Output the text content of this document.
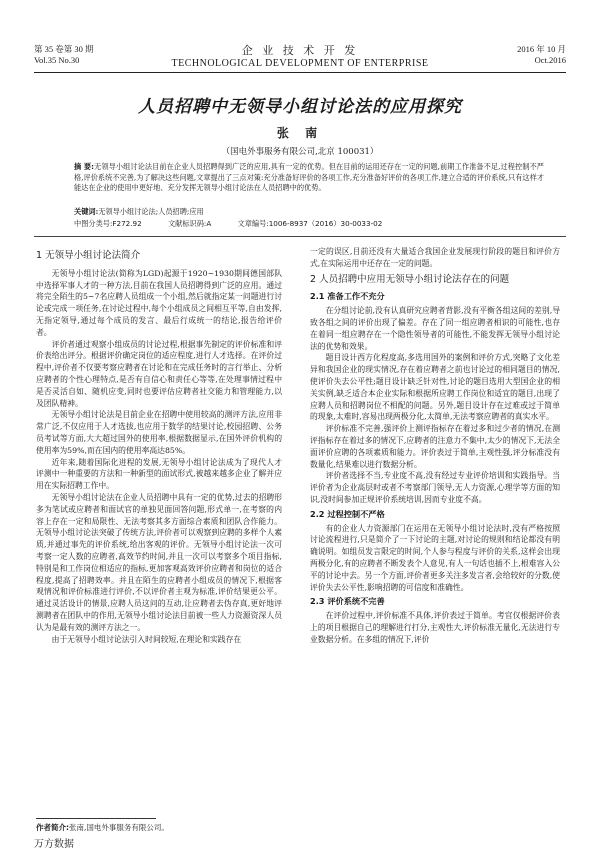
第 35 卷第 30 期
Vol.35 No.30
企 业 技 术 开 发
TECHNOLOGICAL DEVELOPMENT OF ENTERPRISE
2016 年 10 月
Oct.2016
人员招聘中无领导小组讨论法的应用探究
张 南
（国电外事服务有限公司,北京 100031）
摘 要:无领导小组讨论法目前在企业人员招聘得到广泛的应用,具有一定的优势。但在目前的运用还存在一定的问题,前期工作准备不足,过程控制不严格,评价系统不完善,为了解决这些问题,文章提出了三点对策:充分准备好评价的各项工作,充分准备好评价的各项工作,建立合适的评价系统,只有这样才能达在企业的使用中更好地、充分发挥无领导小组讨论法在人员招聘中的优势。
关键词:无领导小组讨论法;人员招聘;应用
中图分类号:F272.92	文献标识码:A	文章编号:1006-8937（2016）30-0033-02
1 无领导小组讨论法简介

无领导小组讨论法(简称为LGD)起源于1920~1930期间德国部队中选择军事人才的一种方法,目前在我国人员招聘得到广泛的应用。通过将完全陌生的5~7名应聘人员组成一个小组,然后就指定某一问题进行讨论或完成一项任务,在讨论过程中,每个小组成员之间相互平等,自由发挥,无指定领导,通过每个成员的发言、最后行成统一的结论,报告给评价者。

评价者通过观察小组成员的讨论过程,根据事先制定的评价标准和评价表给出评分。根据评价确定岗位的适应程度,进行人才选择。在评价过程中,评价者不仅要考察应聘者在讨论和在完成任务时的言行举止、分析应聘者的个性心理特点,是否有自信心和责任心等等,在处理事情过程中是否灵活自如、随机应变,同时也要评估应聘者社交能力和管理能力,以及团队精神。

无领导小组讨论法是目前企业在招聘中使用较高的测评方法,应用非常广泛,不仅应用于人才选拔,也应用于数学的结果讨论,校园招聘、公务员考试等方面,大大超过国外的使用率,根据数据显示,在国外评价机构的使用率为59%,而在国内的使用率高达85%。

近年来,随着国际化进程的发展,无领导小组讨论法成为了现代人才评测中一种重要的方法和一种新型的面试形式,被越来越多企业了解并应用在实际招聘工作中。

无领导小组讨论法在企业人员招聘中具有一定的优势,过去的招聘形多为笔试或应聘者和面试官的单独见面回答问题,形式单一,在考察的内容上存在一定和局限性、无法考察其多方面综合素质和团队合作能力。无领导小组讨论法突破了传统方法,评价者可以观察到应聘的多样个人素质,并通过事先的评价系统,给出客观的评价。无领导小组讨论法一次可考察一定人数的应聘者,高效节约时间,并且一次可以考察多个项目指标,特别是和工作岗位相适应的指标,更加客观高效评价应聘者和岗位的适合程度,提高了招聘效率。并且在陌生的应聘者小组成员的情况下,根据客观情况和评价标准进行评价,不以评价者主观为标准,评价结果更公平。通过灵活设计的情景,应聘人员这问的互动,让应聘者去伪存真,更好地评测聘者在团队中的作用,无领导小组讨论法目前被一些人力资源资深人员认为是最有效的测评方法之一。

由于无领导小组讨论法引入时间较短,在理论和实践存在

一定的误区,目前还没有大量适合我国企业发展现行阶段的题目和评价方式,在实际运用中还存在一定的问题。

2 人员招聘中应用无领导小组讨论法存在的问题
2.1 准备工作不充分

在分组讨论前,没有认真研究应聘者背影,没有平衡各组这间的差别,导致各组之间的评价出现了偏差。存在了同一组应聘者相识的可能性,也存在着同一组应聘存在一个隐性领导者的可能性,不能发挥无领导小组讨论法的优势和效果。

题目设计西方化程度高,多选用国外的案例和评价方式,突略了文化差异和我国企业的现实情况,存在着应聘者之前也讨论过的相同题目的情况,使评价失去公平性;题目设计缺乏针对性,讨论的题目选用大型国企业的相关实例,缺乏适合本企业实际和根据所应聘工作岗位和适宜的题目,出现了应聘人员和招聘岗位不相配的问题。另外,题目设计存在过难或过于简单的现象,太难时,容易出现两极分化,太简单,无法考察应聘者的真实水平。

评价标准不完善,强评价上测评指标存在着过多和过少者的情况,在测评指标存在着过多的情况下,应聘者的注意力不集中,太少的情况下,无法全面评价应聘的各项素质和能力。评价表过于简单,主观性强,评分标准没有数量化,结果难以进行数据分析。

评价者选择不当,专业度不高,没有经过专业评价培训和实践指导。当评价者为企业高层时或者不考察部门领导,无人力资源,心理学等方面的知识,没时间参加正规评价系统培训,因而专业度不高。

2.2 过程控制不严格

有的企业人力资源部门在运用在无领导小组讨论法时,没有严格按照讨论流程进行,只是简介了一下讨论的主题,对讨论的规则和结论都没有明确说明。如组员发言限定的时间,个人参与程度与评价的关系,这样会出现两极分化,有的应聘者不断发表个人意见,有人一句话也插不上,根难容入公平的讨论中去。另一个方面,评价者更多关注多发言者,会给较好的分数,使评价失去公平性,影响招聘的可信度和准确性。

2.3 评价系统不完善

在评价过程中,评价标准不具体,评价表过于简单。考官仅根据评价表上的项目根据自己的理解进行打分,主观性大,评价标准无量化,无法进行专业数据分析。在多组的情况下,评价

作者简介:张南,国电外事服务有限公司。
万方数据
